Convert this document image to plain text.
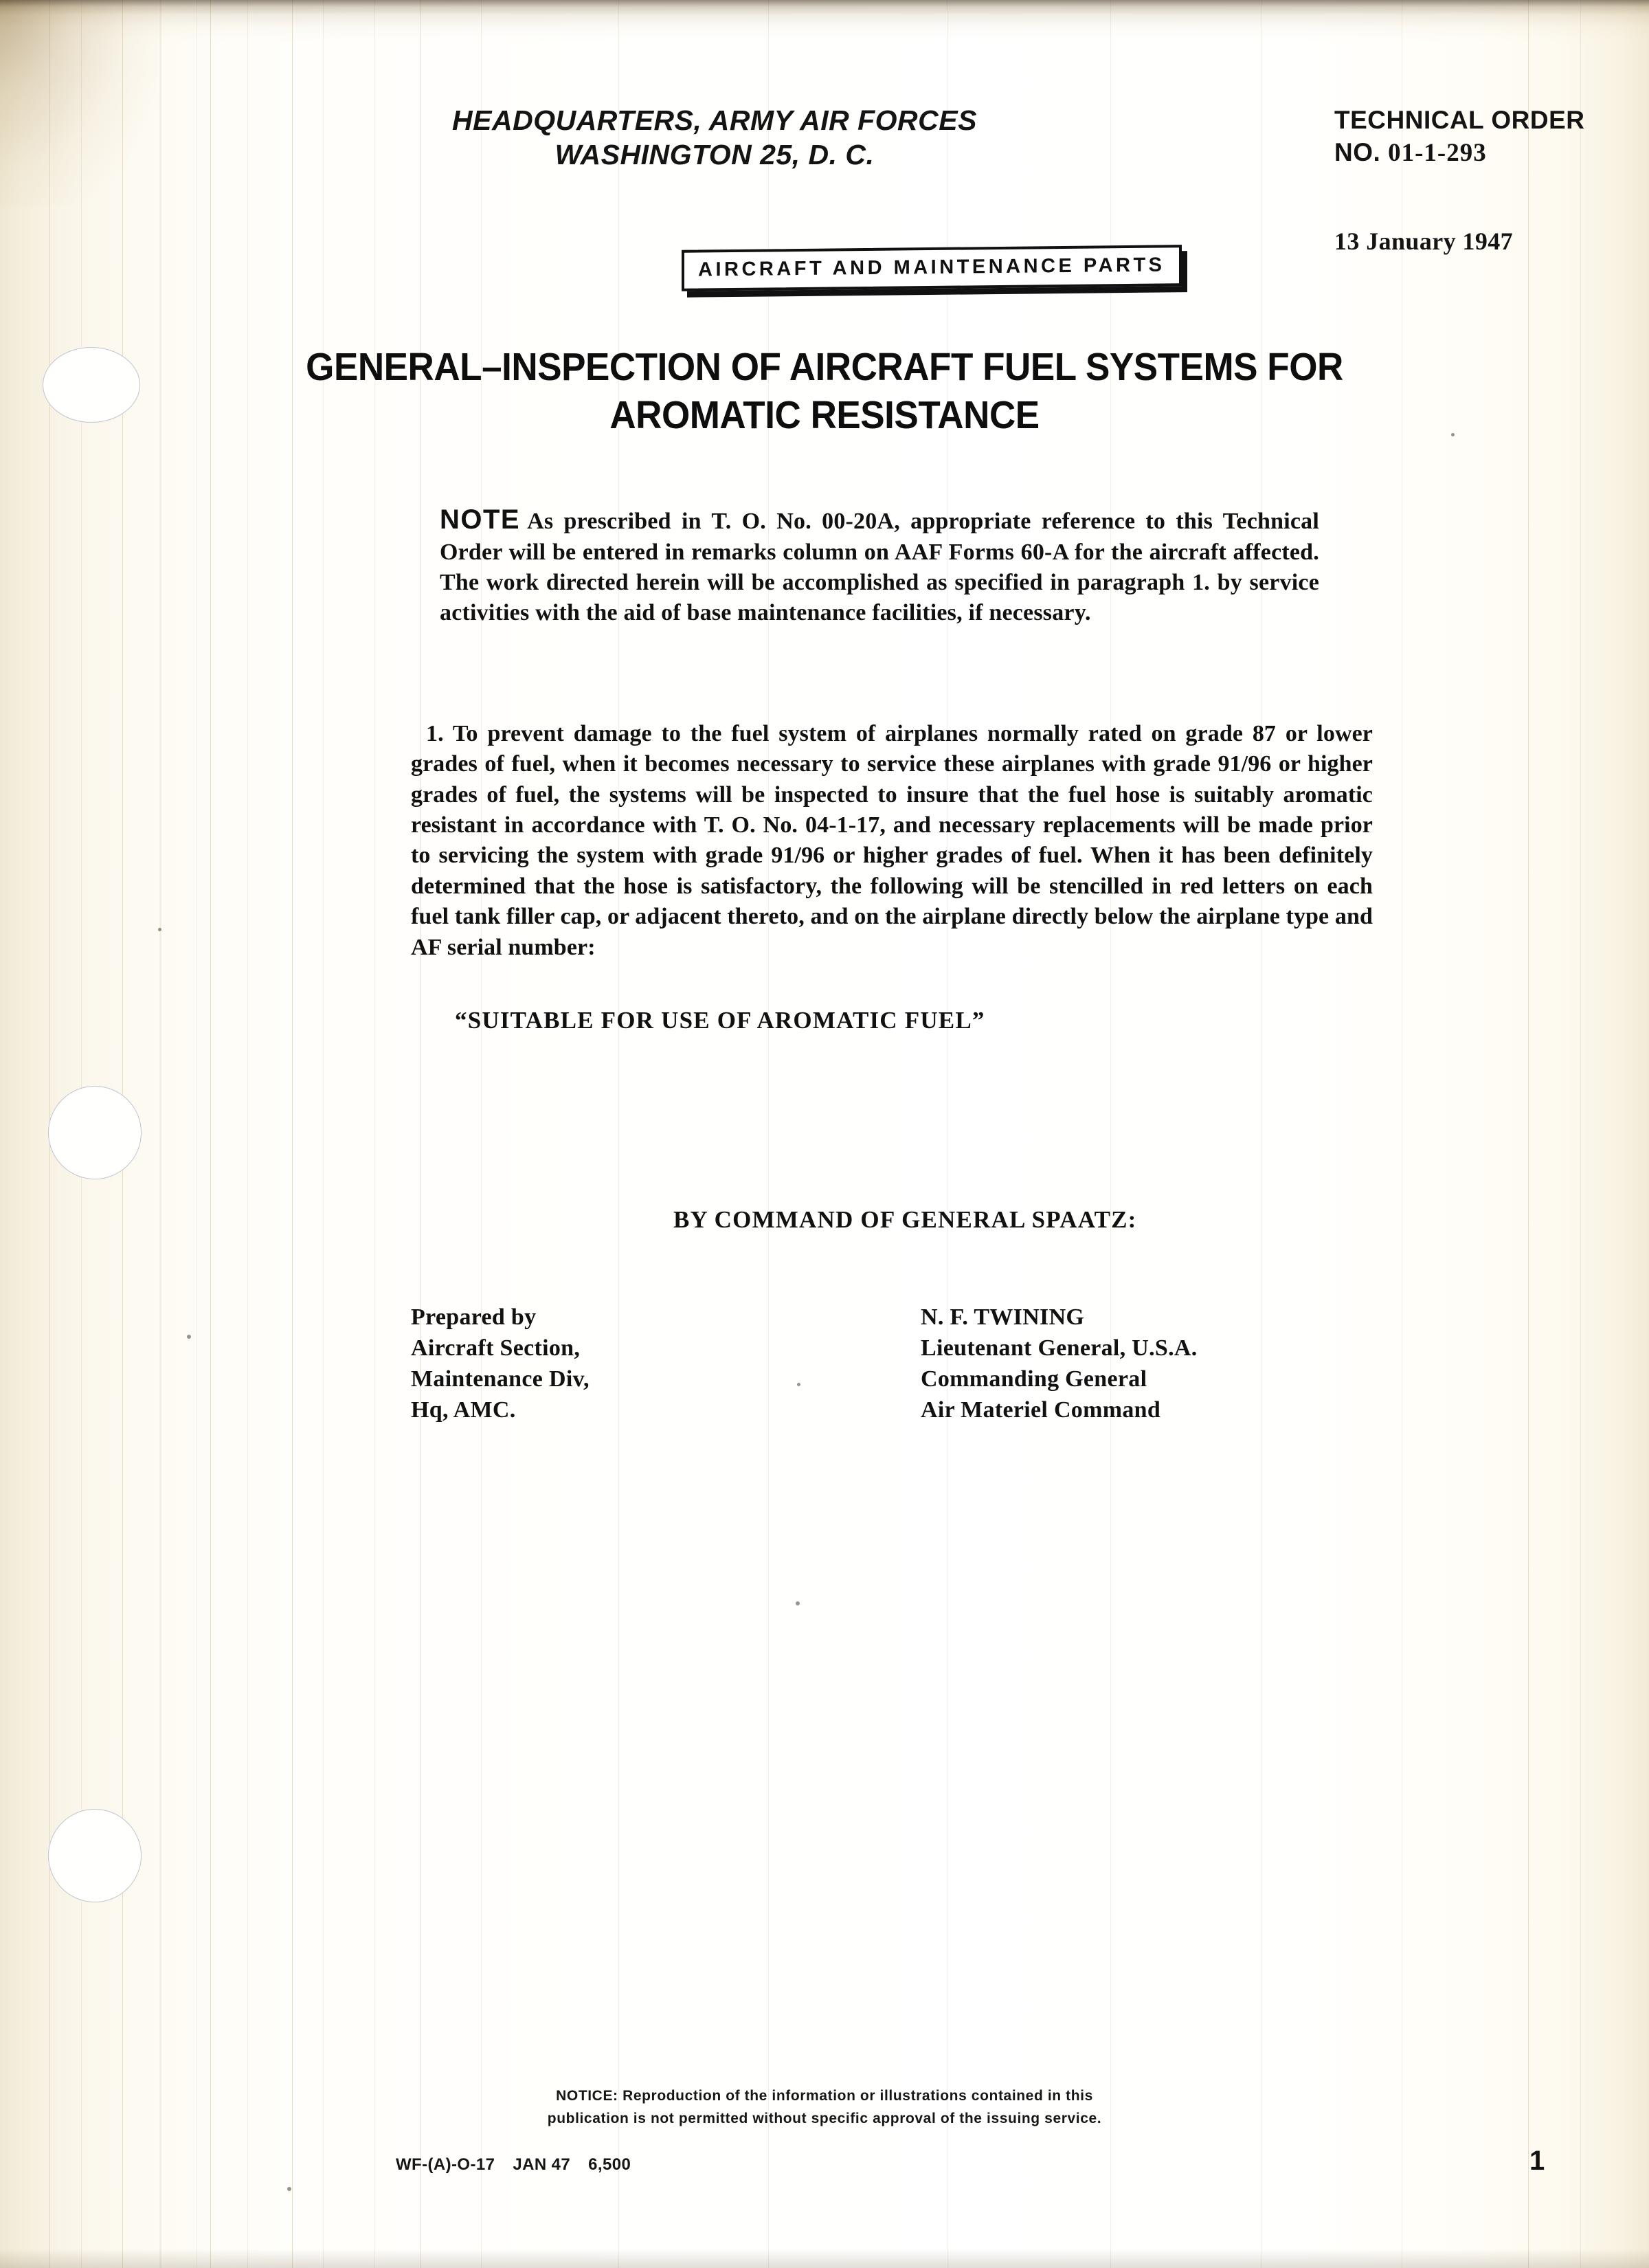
HEADQUARTERS, ARMY AIR FORCES
WASHINGTON 25, D. C.
TECHNICAL ORDER
NO. 01-1-293
13 January 1947
AIRCRAFT AND MAINTENANCE PARTS
GENERAL–INSPECTION OF AIRCRAFT FUEL SYSTEMS FOR AROMATIC RESISTANCE
NOTE As prescribed in T. O. No. 00-20A, appropriate reference to this Technical Order will be entered in remarks column on AAF Forms 60-A for the aircraft affected. The work directed herein will be accomplished as specified in paragraph 1. by service activities with the aid of base maintenance facilities, if necessary.
1. To prevent damage to the fuel system of airplanes normally rated on grade 87 or lower grades of fuel, when it becomes necessary to service these airplanes with grade 91/96 or higher grades of fuel, the systems will be inspected to insure that the fuel hose is suitably aromatic resistant in accordance with T. O. No. 04-1-17, and necessary replacements will be made prior to servicing the system with grade 91/96 or higher grades of fuel. When it has been definitely determined that the hose is satisfactory, the following will be stencilled in red letters on each fuel tank filler cap, or adjacent thereto, and on the airplane directly below the airplane type and AF serial number:
“SUITABLE FOR USE OF AROMATIC FUEL”
BY COMMAND OF GENERAL SPAATZ:
Prepared by
Aircraft Section,
Maintenance Div,
Hq, AMC.
N. F. TWINING
Lieutenant General, U.S.A.
Commanding General
Air Materiel Command
NOTICE: Reproduction of the information or illustrations contained in this
publication is not permitted without specific approval of the issuing service.
WF-(A)-O-17 JAN 47 6,500	1
